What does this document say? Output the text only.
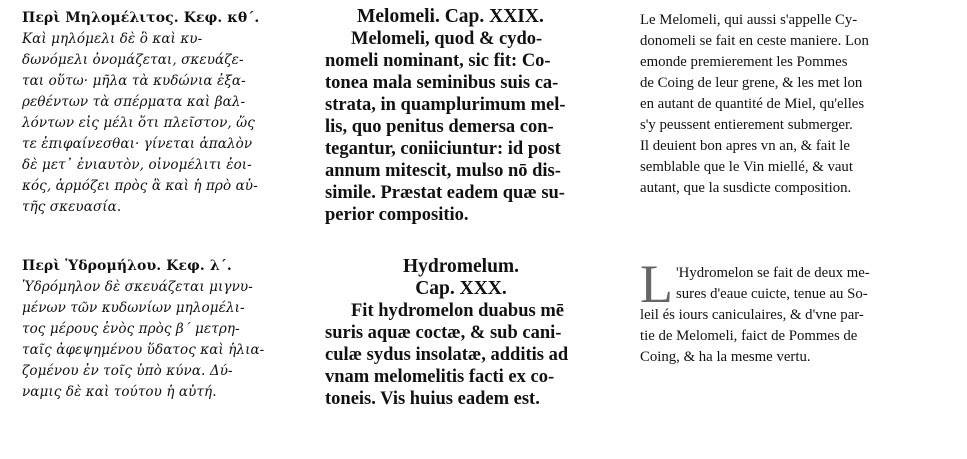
Περὶ Μηλομέλιτος. Κεφ. κθ΄.
Καὶ μηλόμελι δὲ ὃ καὶ κυ-
δωνόμελι ὀνομάζεται, σκευάζε-
ται οὕτω· μῆλα τὰ κυδώνια ἐξα-
ρεθέντων τὰ σπέρματα καὶ βαλ-
λόντων εἰς μέλι ὅτι πλεῖστον, ὥς
τε ἐπιφαίνεσθαι· γίνεται ἁπαλὸν
δὲ μετ᾽ ἐνιαυτὸν, οἰνομέλιτι ἐοι-
κός, ἁρμόζει πρὸς ἃ καὶ ἡ πρὸ αὐ-
τῆς σκευασία.
Περὶ Ὑδρομήλου. Κεφ. λ΄.
Ὑδρόμηλον δὲ σκευάζεται μιγνυ-
μένων τῶν κυδωνίων μηλομέλι-
τος μέρους ἑνὸς πρὸς β΄ μετρη-
ταῖς ἀφεψημένου ὕδατος καὶ ἡλια-
ζομένου ἐν τοῖς ὑπὸ κύνα. Δύ-
ναμις δὲ καὶ τούτου ἡ αὐτή.
Melomeli. Cap. XXIX.
Melomeli, quod & cydo-
nomeli nominant, sic fit: Co-
tonea mala seminibus suis ca-
strata, in quamplurimum mel-
lis, quo penitus demersa con-
tegantur, coniiciuntur: id post
annum mitescit, mulso nō dis-
simile. Præstat eadem quæ su-
perior compositio.
Hydromelum.
Cap. XXX.
Fit hydromelon duabus mē
suris aquæ coctæ, & sub cani-
culæ sydus insolatæ, additis ad
vnam melomelitis facti ex co-
toneis. Vis huius eadem est.
Le Melomeli, qui aussi s'appelle Cy-
donomeli se fait en ceste maniere. Lon
emonde premierement les Pommes
de Coing de leur grene, & les met lon
en autant de quantité de Miel, qu'elles
s'y peussent entierement submerger.
Il deuient bon apres vn an, & fait le
semblable que le Vin miellé, & vaut
autant, que la susdicte composition.
L 'Hydromelon se fait de deux me-
sures d'eaue cuicte, tenue au So-
leil és iours caniculaires, & d'vne par-
tie de Melomeli, faict de Pommes de
Coing, & ha la mesme vertu.
